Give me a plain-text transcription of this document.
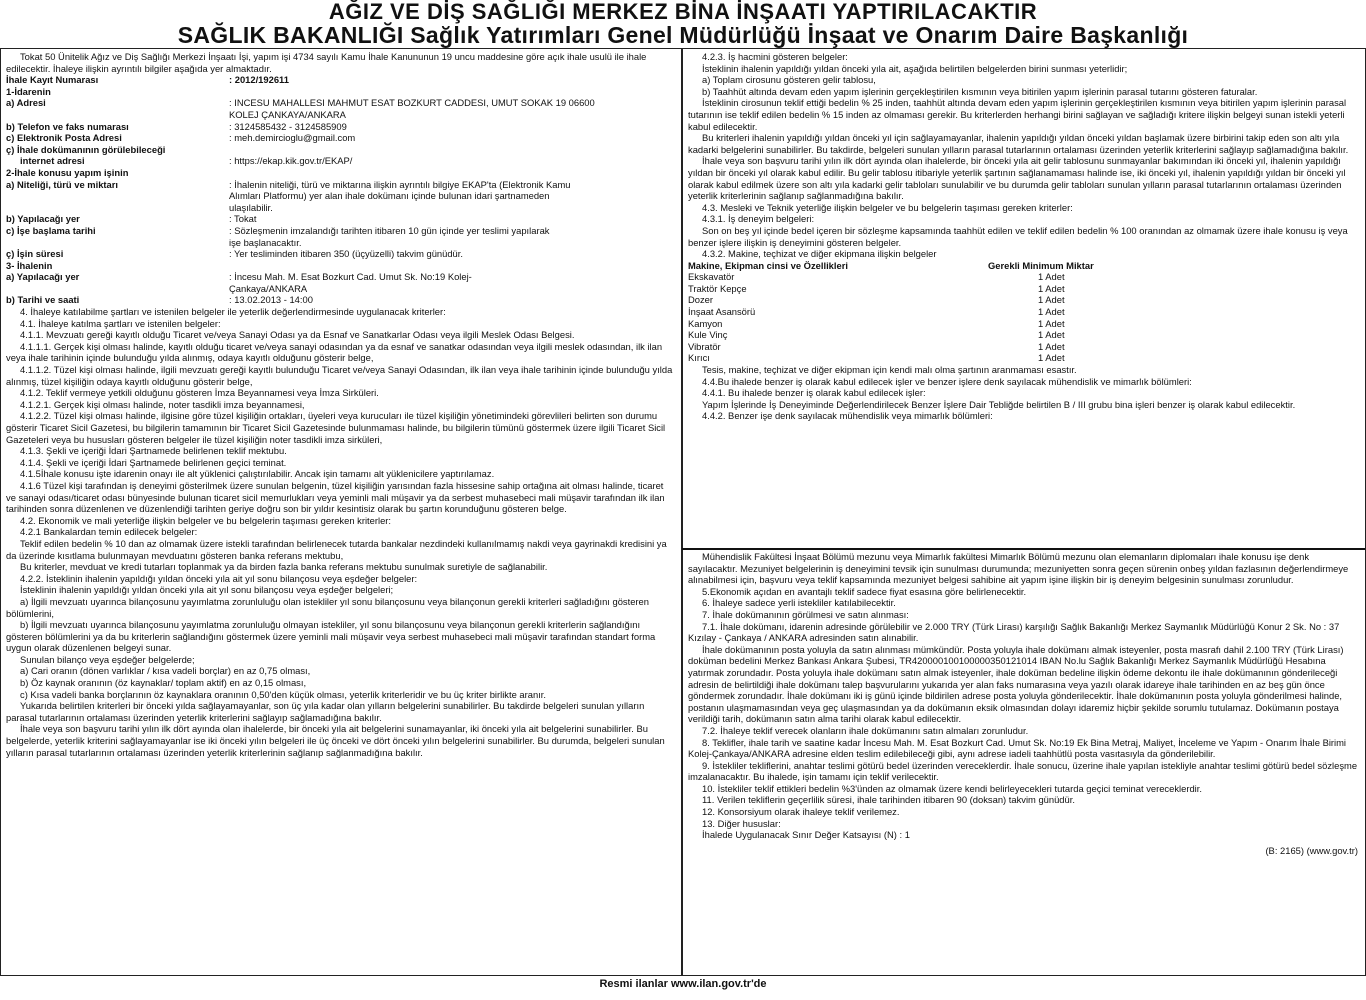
AĞIZ VE DİŞ SAĞLIĞI MERKEZ BİNA İNŞAATI YAPTIRILACAKTIR
SAĞLIK BAKANLIĞI Sağlık Yatırımları Genel Müdürlüğü İnşaat ve Onarım Daire Başkanlığı

Tokat 50 Ünitelik Ağız ve Diş Sağlığı Merkezi İnşaatı İşi, yapım işi 4734 sayılı Kamu İhale Kanununun 19 uncu maddesine göre açık ihale usulü ile ihale edilecektir. İhaleye ilişkin ayrıntılı bilgiler aşağıda yer almaktadır.

İhale Kayıt Numarası	: 2012/192611

1-İdarenin

a) Adresi	: INCESU MAHALLESI MAHMUT ESAT BOZKURT CADDESI, UMUT SOKAK 19 06600 KOLEJ ÇANKAYA/ANKARA
b) Telefon ve faks numarası	: 3124585432 - 3124585909
c) Elektronik Posta Adresi	: meh.demircioglu@gmail.com

ç) İhale dokümanının görülebileceği

internet adresi	: https://ekap.kik.gov.tr/EKAP/

2-İhale konusu yapım işinin

a) Niteliği, türü ve miktarı	: İhalenin niteliği, türü ve miktarına ilişkin ayrıntılı bilgiye EKAP'ta (Elektronik Kamu Alımları Platformu) yer alan ihale dokümanı içinde bulunan idari şartnameden ulaşılabilir.
b) Yapılacağı yer	: Tokat
c) İşe başlama tarihi	: Sözleşmenin imzalandığı tarihten itibaren 10 gün içinde yer teslimi yapılarak işe başlanacaktır.
ç) İşin süresi	: Yer tesliminden itibaren 350 (üçyüzelli) takvim günüdür.

3- İhalenin

a) Yapılacağı yer	: İncesu Mah. M. Esat Bozkurt Cad. Umut Sk. No:19 Kolej-Çankaya/ANKARA
b) Tarihi ve saati	: 13.02.2013 - 14:00

4. İhaleye katılabilme şartları ve istenilen belgeler ile yeterlik değerlendirmesinde uygulanacak kriterler:

4.1. İhaleye katılma şartları ve istenilen belgeler:

4.1.1. Mevzuatı gereği kayıtlı olduğu Ticaret ve/veya Sanayi Odası ya da Esnaf ve Sanatkarlar Odası veya ilgili Meslek Odası Belgesi.

4.1.1.1. Gerçek kişi olması halinde, kayıtlı olduğu ticaret ve/veya sanayi odasından ya da esnaf ve sanatkar odasından veya ilgili meslek odasından, ilk ilan veya ihale tarihinin içinde bulunduğu yılda alınmış, odaya kayıtlı olduğunu gösterir belge,

4.1.1.2. Tüzel kişi olması halinde, ilgili mevzuatı gereği kayıtlı bulunduğu Ticaret ve/veya Sanayi Odasından, ilk ilan veya ihale tarihinin içinde bulunduğu yılda alınmış, tüzel kişiliğin odaya kayıtlı olduğunu gösterir belge,

4.1.2. Teklif vermeye yetkili olduğunu gösteren İmza Beyannamesi veya İmza Sirküleri.

4.1.2.1. Gerçek kişi olması halinde, noter tasdikli imza beyannamesi,

4.1.2.2. Tüzel kişi olması halinde, ilgisine göre tüzel kişiliğin ortakları, üyeleri veya kurucuları ile tüzel kişiliğin yönetimindeki görevlileri belirten son durumu gösterir Ticaret Sicil Gazetesi, bu bilgilerin tamamının bir Ticaret Sicil Gazetesinde bulunmaması halinde, bu bilgilerin tümünü göstermek üzere ilgili Ticaret Sicil Gazeteleri veya bu hususları gösteren belgeler ile tüzel kişiliğin noter tasdikli imza sirküleri,

4.1.3. Şekli ve içeriği İdari Şartnamede belirlenen teklif mektubu.

4.1.4. Şekli ve içeriği İdari Şartnamede belirlenen geçici teminat.

4.1.5İhale konusu işte idarenin onayı ile alt yüklenici çalıştırılabilir. Ancak işin tamamı alt yüklenicilere yaptırılamaz.

4.1.6 Tüzel kişi tarafından iş deneyimi gösterilmek üzere sunulan belgenin, tüzel kişiliğin yarısından fazla hissesine sahip ortağına ait olması halinde, ticaret ve sanayi odası/ticaret odası bünyesinde bulunan ticaret sicil memurlukları veya yeminli mali müşavir ya da serbest muhasebeci mali müşavir tarafından ilk ilan tarihinden sonra düzenlenen ve düzenlendiği tarihten geriye doğru son bir yıldır kesintisiz olarak bu şartın korunduğunu gösteren belge.

4.2. Ekonomik ve mali yeterliğe ilişkin belgeler ve bu belgelerin taşıması gereken kriterler:

4.2.1 Bankalardan temin edilecek belgeler:

Teklif edilen bedelin % 10 dan az olmamak üzere istekli tarafından belirlenecek tutarda bankalar nezdindeki kullanılmamış nakdi veya gayrinakdi kredisini ya da üzerinde kısıtlama bulunmayan mevduatını gösteren banka referans mektubu,

Bu kriterler, mevduat ve kredi tutarları toplanmak ya da birden fazla banka referans mektubu sunulmak suretiyle de sağlanabilir.

4.2.2. İsteklinin ihalenin yapıldığı yıldan önceki yıla ait yıl sonu bilançosu veya eşdeğer belgeler:

İsteklinin ihalenin yapıldığı yıldan önceki yıla ait yıl sonu bilançosu veya eşdeğer belgeleri;

a) İlgili mevzuatı uyarınca bilançosunu yayımlatma zorunluluğu olan istekliler yıl sonu bilançosunu veya bilançonun gerekli kriterleri sağladığını gösteren bölümlerini,

b) İlgili mevzuatı uyarınca bilançosunu yayımlatma zorunluluğu olmayan istekliler, yıl sonu bilançosunu veya bilançonun gerekli kriterlerin sağlandığını gösteren bölümlerini ya da bu kriterlerin sağlandığını göstermek üzere yeminli mali müşavir veya serbest muhasebeci mali müşavir tarafından standart forma uygun olarak düzenlenen belgeyi sunar.

Sunulan bilanço veya eşdeğer belgelerde;

a) Cari oranın (dönen varlıklar / kısa vadeli borçlar) en az 0,75 olması,

b) Öz kaynak oranının (öz kaynaklar/ toplam aktif) en az 0,15 olması,

c) Kısa vadeli banka borçlarının öz kaynaklara oranının 0,50'den küçük olması, yeterlik kriterleridir ve bu üç kriter birlikte aranır.

Yukarıda belirtilen kriterleri bir önceki yılda sağlayamayanlar, son üç yıla kadar olan yılların belgelerini sunabilirler. Bu takdirde belgeleri sunulan yılların parasal tutarlarının ortalaması üzerinden yeterlik kriterlerini sağlayıp sağlamadığına bakılır.

İhale veya son başvuru tarihi yılın ilk dört ayında olan ihalelerde, bir önceki yıla ait belgelerini sunamayanlar, iki önceki yıla ait belgelerini sunabilirler. Bu belgelerde, yeterlik kriterini sağlayamayanlar ise iki önceki yılın belgeleri ile üç önceki ve dört önceki yılın belgelerini sunabilirler. Bu durumda, belgeleri sunulan yılların parasal tutarlarının ortalaması üzerinden yeterlik kriterlerinin sağlanıp sağlanmadığına bakılır.

4.2.3. İş hacmini gösteren belgeler:

İsteklinin ihalenin yapıldığı yıldan önceki yıla ait, aşağıda belirtilen belgelerden birini sunması yeterlidir;

a) Toplam cirosunu gösteren gelir tablosu,

b) Taahhüt altında devam eden yapım işlerinin gerçekleştirilen kısmının veya bitirilen yapım işlerinin parasal tutarını gösteren faturalar.

İsteklinin cirosunun teklif ettiği bedelin % 25 inden, taahhüt altında devam eden yapım işlerinin gerçekleştirilen kısmının veya bitirilen yapım işlerinin parasal tutarının ise teklif edilen bedelin % 15 inden az olmaması gerekir. Bu kriterlerden herhangi birini sağlayan ve sağladığı kritere ilişkin belgeyi sunan istekli yeterli kabul edilecektir.

Bu kriterleri ihalenin yapıldığı yıldan önceki yıl için sağlayamayanlar, ihalenin yapıldığı yıldan önceki yıldan başlamak üzere birbirini takip eden son altı yıla kadarki belgelerini sunabilirler. Bu takdirde, belgeleri sunulan yılların parasal tutarlarının ortalaması üzerinden yeterlik kriterlerini sağlayıp sağlamadığına bakılır.

İhale veya son başvuru tarihi yılın ilk dört ayında olan ihalelerde, bir önceki yıla ait gelir tablosunu sunmayanlar bakımından iki önceki yıl, ihalenin yapıldığı yıldan bir önceki yıl olarak kabul edilir. Bu gelir tablosu itibariyle yeterlik şartının sağlanamaması halinde ise, iki önceki yıl, ihalenin yapıldığı yıldan bir önceki yıl olarak kabul edilmek üzere son altı yıla kadarki gelir tabloları sunulabilir ve bu durumda gelir tabloları sunulan yılların parasal tutarlarının ortalaması üzerinden yeterlik kriterlerinin sağlanıp sağlanmadığına bakılır.

4.3. Mesleki ve Teknik yeterliğe ilişkin belgeler ve bu belgelerin taşıması gereken kriterler:

4.3.1. İş deneyim belgeleri:

Son on beş yıl içinde bedel içeren bir sözleşme kapsamında taahhüt edilen ve teklif edilen bedelin % 100 oranından az olmamak üzere ihale konusu iş veya benzer işlere ilişkin iş deneyimini gösteren belgeler.

4.3.2. Makine, teçhizat ve diğer ekipmana ilişkin belgeler

Makine, Ekipman cinsi ve Özellikleri	Gerekli Minimum Miktar
Ekskavatör	1 Adet
Traktör Kepçe	1 Adet
Dozer	1 Adet
İnşaat Asansörü	1 Adet
Kamyon	1 Adet
Kule Vinç	1 Adet
Vibratör	1 Adet
Kırıcı	1 Adet

Tesis, makine, teçhizat ve diğer ekipman için kendi malı olma şartının aranmaması esastır.

4.4.Bu ihalede benzer iş olarak kabul edilecek işler ve benzer işlere denk sayılacak mühendislik ve mimarlık bölümleri:

4.4.1. Bu ihalede benzer iş olarak kabul edilecek işler:

Yapım İşlerinde İş Deneyiminde Değerlendirilecek Benzer İşlere Dair Tebliğde belirtilen B / III grubu bina işleri benzer iş olarak kabul edilecektir.

4.4.2. Benzer işe denk sayılacak mühendislik veya mimarlık bölümleri:

Mühendislik Fakültesi İnşaat Bölümü mezunu veya Mimarlık fakültesi Mimarlık Bölümü mezunu olan elemanların diplomaları ihale konusu işe denk sayılacaktır. Mezuniyet belgelerinin iş deneyimini tevsik için sunulması durumunda; mezuniyetten sonra geçen sürenin onbeş yıldan fazlasının değerlendirmeye alınabilmesi için, başvuru veya teklif kapsamında mezuniyet belgesi sahibine ait yapım işine ilişkin bir iş deneyim belgesinin sunulması zorunludur.

5.Ekonomik açıdan en avantajlı teklif sadece fiyat esasına göre belirlenecektir.

6. İhaleye sadece yerli istekliler katılabilecektir.

7. İhale dokümanının görülmesi ve satın alınması:

7.1. İhale dokümanı, idarenin adresinde görülebilir ve 2.000 TRY (Türk Lirası) karşılığı Sağlık Bakanlığı Merkez Saymanlık Müdürlüğü Konur 2 Sk. No : 37 Kızılay - Çankaya / ANKARA adresinden satın alınabilir.

İhale dokümanının posta yoluyla da satın alınması mümkündür. Posta yoluyla ihale dokümanı almak isteyenler, posta masrafı dahil 2.100 TRY (Türk Lirası) doküman bedelini Merkez Bankası Ankara Şubesi, TR420000100100000350121014 IBAN No.lu Sağlık Bakanlığı Merkez Saymanlık Müdürlüğü Hesabına yatırmak zorundadır. Posta yoluyla ihale dokümanı satın almak isteyenler, ihale doküman bedeline ilişkin ödeme dekontu ile ihale dokümanının gönderileceği adresin de belirtildiği ihale dokümanı talep başvurularını yukarıda yer alan faks numarasına veya yazılı olarak idareye ihale tarihinden en az beş gün önce göndermek zorundadır. İhale dokümanı iki iş günü içinde bildirilen adrese posta yoluyla gönderilecektir. İhale dokümanının posta yoluyla gönderilmesi halinde, postanın ulaşmamasından veya geç ulaşmasından ya da dokümanın eksik olmasından dolayı idaremiz hiçbir şekilde sorumlu tutulamaz. Dokümanın postaya verildiği tarih, dokümanın satın alma tarihi olarak kabul edilecektir.

7.2. İhaleye teklif verecek olanların ihale dokümanını satın almaları zorunludur.

8. Teklifler, ihale tarih ve saatine kadar İncesu Mah. M. Esat Bozkurt Cad. Umut Sk. No:19 Ek Bina Metraj, Maliyet, İnceleme ve Yapım - Onarım İhale Birimi Kolej-Çankaya/ANKARA adresine elden teslim edilebileceği gibi, aynı adrese iadeli taahhütlü posta vasıtasıyla da gönderilebilir.

9. İstekliler tekliflerini, anahtar teslimi götürü bedel üzerinden vereceklerdir. İhale sonucu, üzerine ihale yapılan istekliyle anahtar teslimi götürü bedel sözleşme imzalanacaktır. Bu ihalede, işin tamamı için teklif verilecektir.

10. İstekliler teklif ettikleri bedelin %3'ünden az olmamak üzere kendi belirleyecekleri tutarda geçici teminat vereceklerdir.

11. Verilen tekliflerin geçerlilik süresi, ihale tarihinden itibaren 90 (doksan) takvim günüdür.

12. Konsorsiyum olarak ihaleye teklif verilemez.

13. Diğer hususlar:

İhalede Uygulanacak Sınır Değer Katsayısı (N) : 1

(B: 2165) (www.gov.tr)

Resmi ilanlar www.ilan.gov.tr'de
